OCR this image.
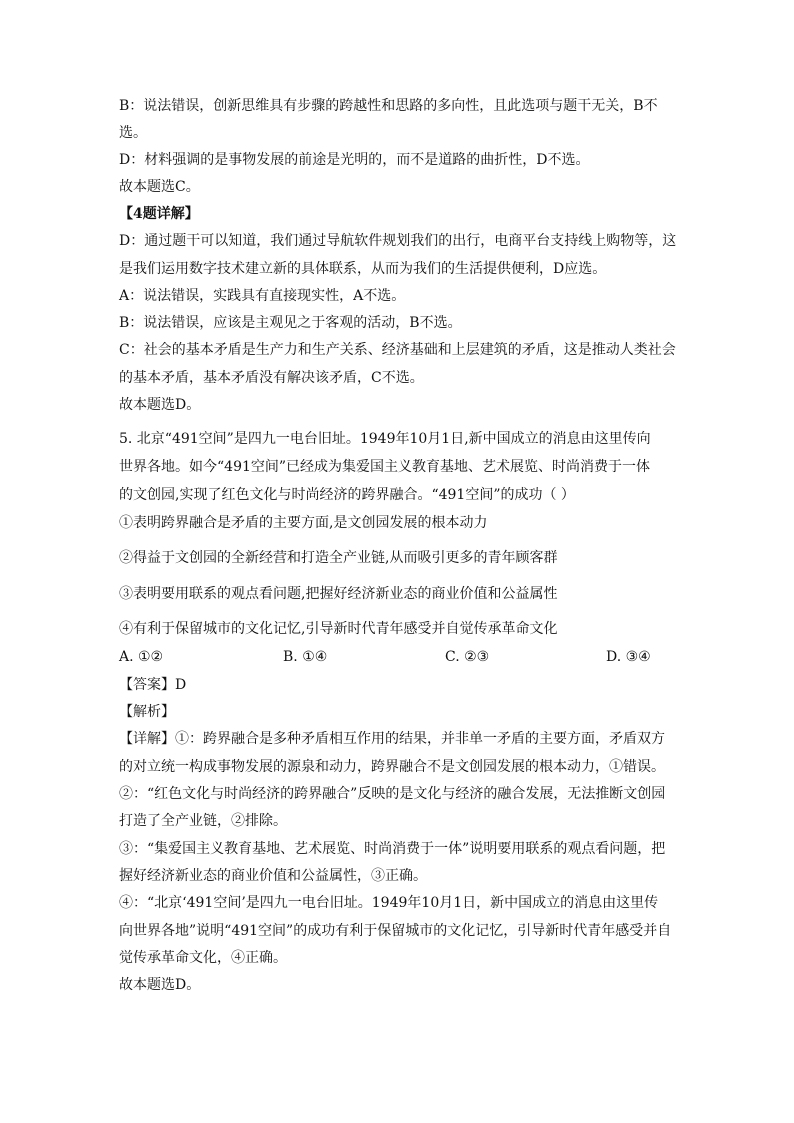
B：说法错误，创新思维具有步骤的跨越性和思路的多向性，且此选项与题干无关，B不
选。
D：材料强调的是事物发展的前途是光明的，而不是道路的曲折性，D不选。
故本题选C。
【4题详解】
D：通过题干可以知道，我们通过导航软件规划我们的出行，电商平台支持线上购物等，这
是我们运用数字技术建立新的具体联系，从而为我们的生活提供便利，D应选。
A：说法错误，实践具有直接现实性，A不选。
B：说法错误，应该是主观见之于客观的活动，B不选。
C：社会的基本矛盾是生产力和生产关系、经济基础和上层建筑的矛盾，这是推动人类社会
的基本矛盾，基本矛盾没有解决该矛盾，C不选。
故本题选D。
5. 北京“491空间”是四九一电台旧址。1949年10月1日,新中国成立的消息由这里传向
世界各地。如今“491空间”已经成为集爱国主义教育基地、艺术展览、时尚消费于一体
的文创园,实现了红色文化与时尚经济的跨界融合。“491空间”的成功（ ）
①表明跨界融合是矛盾的主要方面,是文创园发展的根本动力
②得益于文创园的全新经营和打造全产业链,从而吸引更多的青年顾客群
③表明要用联系的观点看问题,把握好经济新业态的商业价值和公益属性
④有利于保留城市的文化记忆,引导新时代青年感受并自觉传承革命文化
A. ①②	B. ①④	C. ②③	D. ③④
【答案】D
【解析】
【详解】①：跨界融合是多种矛盾相互作用的结果，并非单一矛盾的主要方面，矛盾双方
的对立统一构成事物发展的源泉和动力，跨界融合不是文创园发展的根本动力，①错误。
②：“红色文化与时尚经济的跨界融合”反映的是文化与经济的融合发展，无法推断文创园
打造了全产业链，②排除。
③：“集爱国主义教育基地、艺术展览、时尚消费于一体”说明要用联系的观点看问题，把
握好经济新业态的商业价值和公益属性，③正确。
④：“北京‘491空间’是四九一电台旧址。1949年10月1日，新中国成立的消息由这里传
向世界各地”说明“491空间”的成功有利于保留城市的文化记忆，引导新时代青年感受并自
觉传承革命文化，④正确。
故本题选D。
